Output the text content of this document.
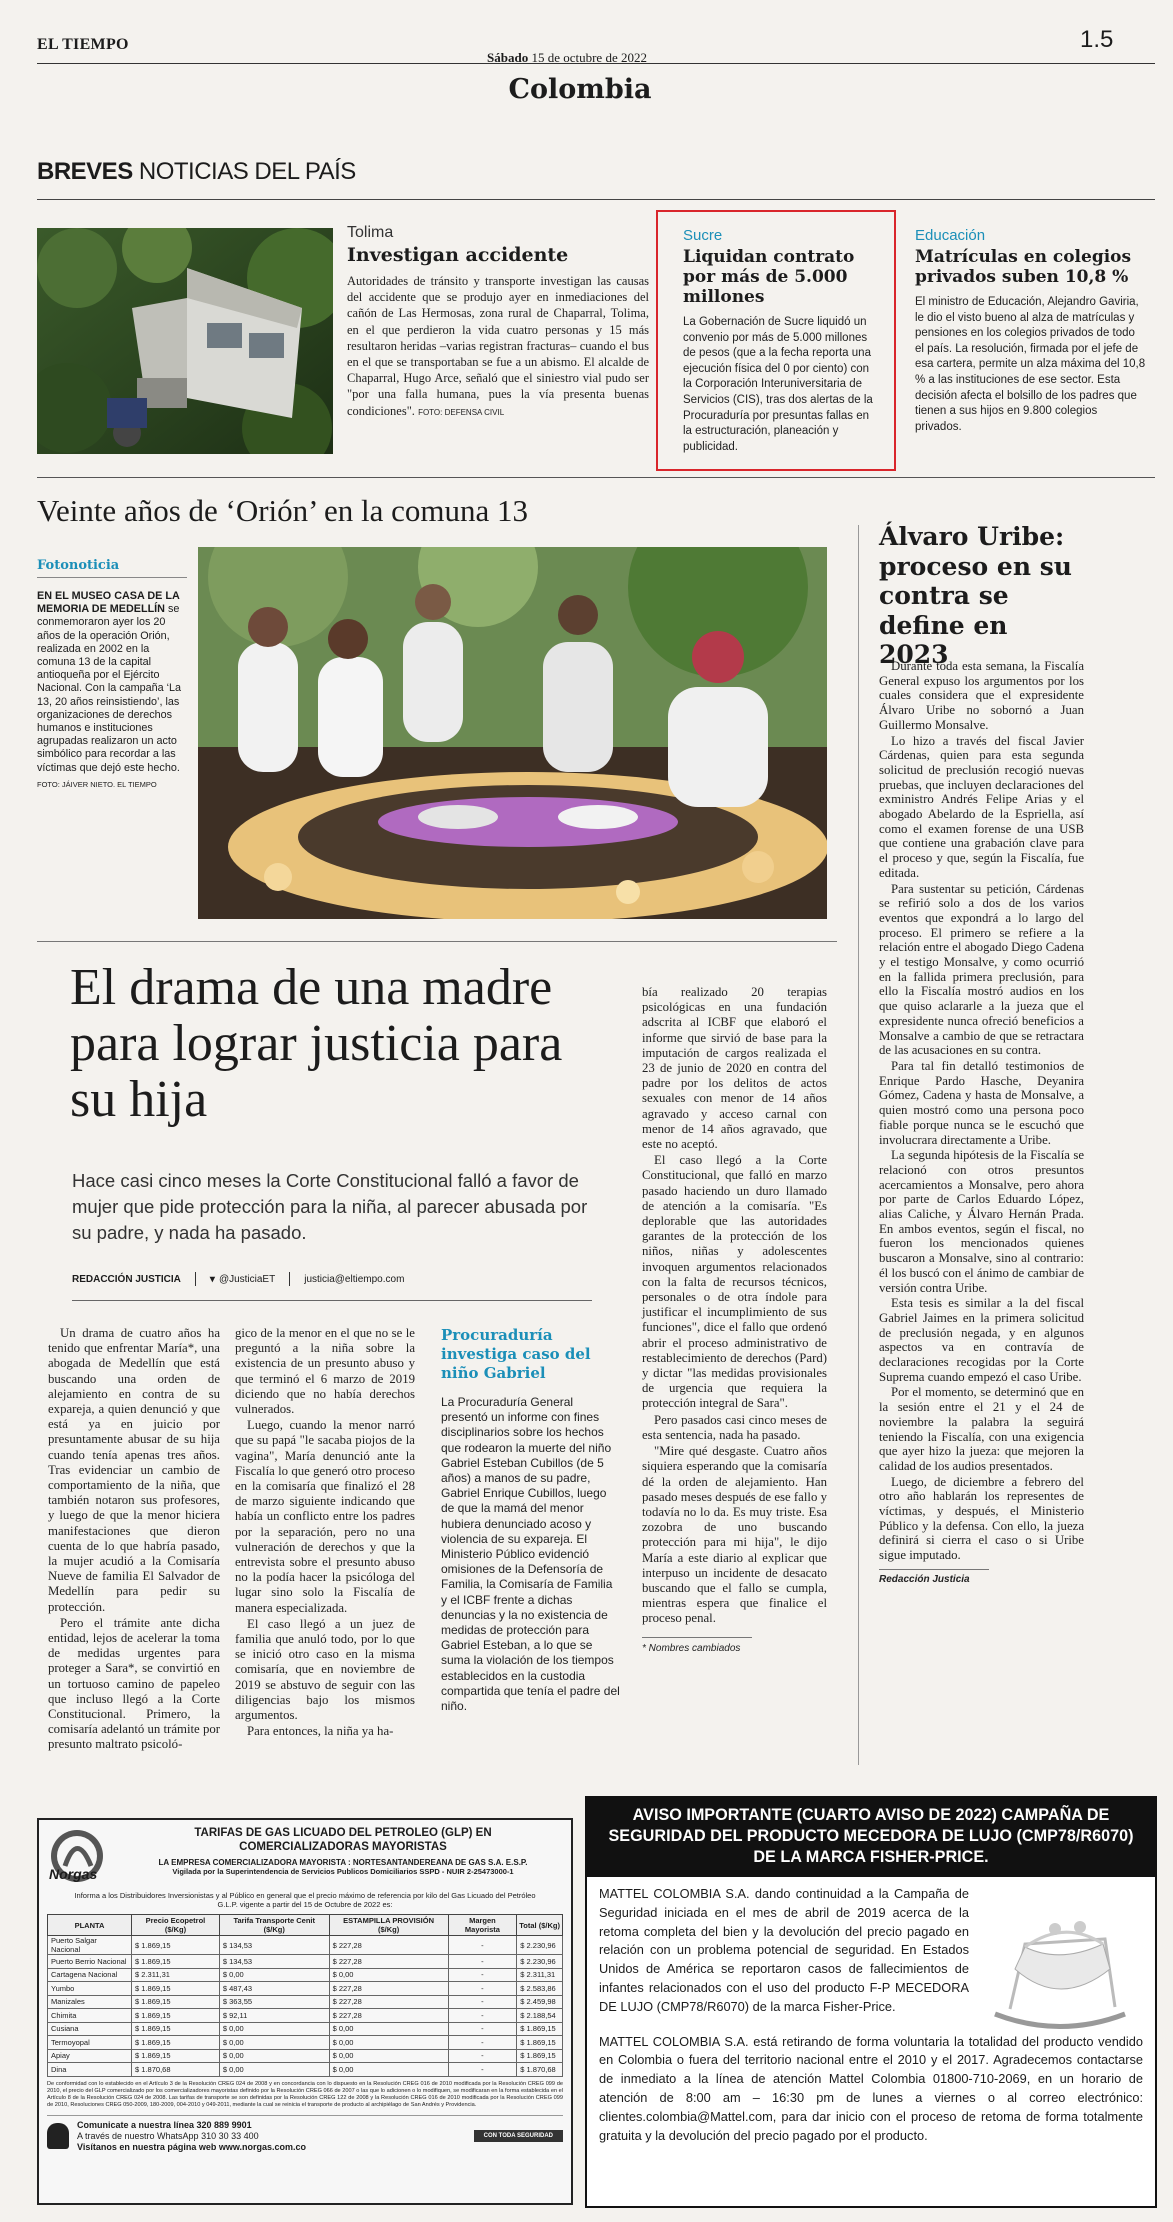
EL TIEMPO
Sábado 15 de octubre de 2022
Colombia
1.5
BREVES NOTICIAS DEL PAÍS
Tolima
Investigan accidente
Autoridades de tránsito y transporte investigan las causas del accidente que se produjo ayer en inmediaciones del cañón de Las Hermosas, zona rural de Chaparral, Tolima, en el que perdieron la vida cuatro personas y 15 más resultaron heridas –varias registran fracturas– cuando el bus en el que se transportaban se fue a un abismo. El alcalde de Chaparral, Hugo Arce, señaló que el siniestro vial pudo ser "por una falla humana, pues la vía presenta buenas condiciones". FOTO: DEFENSA CIVIL
Sucre
Liquidan contrato por más de 5.000 millones
La Gobernación de Sucre liquidó un convenio por más de 5.000 millones de pesos (que a la fecha reporta una ejecución física del 0 por ciento) con la Corporación Interuniversitaria de Servicios (CIS), tras dos alertas de la Procuraduría por presuntas fallas en la estructuración, planeación y publicidad.
Educación
Matrículas en colegios privados suben 10,8 %
El ministro de Educación, Alejandro Gaviria, le dio el visto bueno al alza de matrículas y pensiones en los colegios privados de todo el país. La resolución, firmada por el jefe de esa cartera, permite un alza máxima del 10,8 % a las instituciones de ese sector. Esta decisión afecta el bolsillo de los padres que tienen a sus hijos en 9.800 colegios privados.
Veinte años de ‘Orión’ en la comuna 13
Fotonoticia
EN EL MUSEO CASA DE LA MEMORIA DE MEDELLÍN se conmemoraron ayer los 20 años de la operación Orión, realizada en 2002 en la comuna 13 de la capital antioqueña por el Ejército Nacional. Con la campaña ‘La 13, 20 años reinsistiendo’, las organizaciones de derechos humanos e instituciones agrupadas realizaron un acto simbólico para recordar a las víctimas que dejó este hecho.
FOTO: JÁIVER NIETO. EL TIEMPO
Álvaro Uribe: proceso en su contra se define en 2023

Durante toda esta semana, la Fiscalía General expuso los argumentos por los cuales considera que el expresidente Álvaro Uribe no sobornó a Juan Guillermo Monsalve.

Lo hizo a través del fiscal Javier Cárdenas, quien para esta segunda solicitud de preclusión recogió nuevas pruebas, que incluyen declaraciones del exministro Andrés Felipe Arias y el abogado Abelardo de la Espriella, así como el examen forense de una USB que contiene una grabación clave para el proceso y que, según la Fiscalía, fue editada.

Para sustentar su petición, Cárdenas se refirió solo a dos de los varios eventos que expondrá a lo largo del proceso. El primero se refiere a la relación entre el abogado Diego Cadena y el testigo Monsalve, y como ocurrió en la fallida primera preclusión, para ello la Fiscalía mostró audios en los que quiso aclararle a la jueza que el expresidente nunca ofreció beneficios a Monsalve a cambio de que se retractara de las acusaciones en su contra.

Para tal fin detalló testimonios de Enrique Pardo Hasche, Deyanira Gómez, Cadena y hasta de Monsalve, a quien mostró como una persona poco fiable porque nunca se le escuchó que involucrara directamente a Uribe.

La segunda hipótesis de la Fiscalía se relacionó con otros presuntos acercamientos a Monsalve, pero ahora por parte de Carlos Eduardo López, alias Caliche, y Álvaro Hernán Prada. En ambos eventos, según el fiscal, no fueron los mencionados quienes buscaron a Monsalve, sino al contrario: él los buscó con el ánimo de cambiar de versión contra Uribe.

Esta tesis es similar a la del fiscal Gabriel Jaimes en la primera solicitud de preclusión negada, y en algunos aspectos va en contravía de declaraciones recogidas por la Corte Suprema cuando empezó el caso Uribe.

Por el momento, se determinó que en la sesión entre el 21 y el 24 de noviembre la palabra la seguirá teniendo la Fiscalía, con una exigencia que ayer hizo la jueza: que mejoren la calidad de los audios presentados.

Luego, de diciembre a febrero del otro año hablarán los representes de víctimas, y después, el Ministerio Público y la defensa. Con ello, la jueza definirá si cierra el caso o si Uribe sigue imputado.

Redacción Justicia
El drama de una madre para lograr justicia para su hija
Hace casi cinco meses la Corte Constitucional falló a favor de mujer que pide protección para la niña, al parecer abusada por su padre, y nada ha pasado.
REDACCIÓN JUSTICIA	▾ @JusticiaET	justicia@eltiempo.com

Un drama de cuatro años ha tenido que enfrentar María*, una abogada de Medellín que está buscando una orden de alejamiento en contra de su expareja, a quien denunció y que está ya en juicio por presuntamente abusar de su hija cuando tenía apenas tres años. Tras evidenciar un cambio de comportamiento de la niña, que también notaron sus profesores, y luego de que la menor hiciera manifestaciones que dieron cuenta de lo que habría pasado, la mujer acudió a la Comisaría Nueve de familia El Salvador de Medellín para pedir su protección.

Pero el trámite ante dicha entidad, lejos de acelerar la toma de medidas urgentes para proteger a Sara*, se convirtió en un tortuoso camino de papeleo que incluso llegó a la Corte Constitucional. Primero, la comisaría adelantó un trámite por presunto maltrato psicoló-

gico de la menor en el que no se le preguntó a la niña sobre la existencia de un presunto abuso y que terminó el 6 marzo de 2019 diciendo que no había derechos vulnerados.

Luego, cuando la menor narró que su papá "le sacaba piojos de la vagina", María denunció ante la Fiscalía lo que generó otro proceso en la comisaría que finalizó el 28 de marzo siguiente indicando que había un conflicto entre los padres por la separación, pero no una vulneración de derechos y que la entrevista sobre el presunto abuso no la podía hacer la psicóloga del lugar sino solo la Fiscalía de manera especializada.

El caso llegó a un juez de familia que anuló todo, por lo que se inició otro caso en la misma comisaría, que en noviembre de 2019 se abstuvo de seguir con las diligencias bajo los mismos argumentos.

Para entonces, la niña ya ha-

Procuraduría investiga caso del niño Gabriel
La Procuraduría General presentó un informe con fines disciplinarios sobre los hechos que rodearon la muerte del niño Gabriel Esteban Cubillos (de 5 años) a manos de su padre, Gabriel Enrique Cubillos, luego de que la mamá del menor hubiera denunciado acoso y violencia de su expareja. El Ministerio Público evidenció omisiones de la Defensoría de Familia, la Comisaría de Familia y el ICBF frente a dichas denuncias y la no existencia de medidas de protección para Gabriel Esteban, a lo que se suma la violación de los tiempos establecidos en la custodia compartida que tenía el padre del niño.

bía realizado 20 terapias psicológicas en una fundación adscrita al ICBF que elaboró el informe que sirvió de base para la imputación de cargos realizada el 23 de junio de 2020 en contra del padre por los delitos de actos sexuales con menor de 14 años agravado y acceso carnal con menor de 14 años agravado, que este no aceptó.

El caso llegó a la Corte Constitucional, que falló en marzo pasado haciendo un duro llamado de atención a la comisaría. "Es deplorable que las autoridades garantes de la protección de los niños, niñas y adolescentes invoquen argumentos relacionados con la falta de recursos técnicos, personales o de otra índole para justificar el incumplimiento de sus funciones", dice el fallo que ordenó abrir el proceso administrativo de restablecimiento de derechos (Pard) y dictar "las medidas provisionales de urgencia que requiera la protección integral de Sara".

Pero pasados casi cinco meses de esta sentencia, nada ha pasado.

"Mire qué desgaste. Cuatro años siquiera esperando que la comisaría dé la orden de alejamiento. Han pasado meses después de ese fallo y todavía no lo da. Es muy triste. Esa zozobra de uno buscando protección para mi hija", le dijo María a este diario al explicar que interpuso un incidente de desacato buscando que el fallo se cumpla, mientras espera que finalice el proceso penal.

* Nombres cambiados
Norgas
TARIFAS DE GAS LICUADO DEL PETROLEO (GLP) EN COMERCIALIZADORAS MAYORISTAS
LA EMPRESA COMERCIALIZADORA MAYORISTA : NORTESANTANDEREANA DE GAS S.A. E.S.P.
Vigilada por la Superintendencia de Servicios Publicos Domiciliarios SSPD - NUIR 2-25473000-1
Informa a los Distribuidores Inversionistas y al Público en general que el precio máximo de referencia por kilo del Gas Licuado del Petróleo G.L.P. vigente a partir del 15 de Octubre de 2022 es:
PLANTA	Precio Ecopetrol ($/Kg)	Tarifa Transporte Cenit ($/Kg)	ESTAMPILLA PROVISIÓN ($/Kg)	Margen Mayorista	Total ($/Kg)
Puerto Salgar Nacional	$ 1.869,15	$ 134,53	$ 227,28	-	$ 2.230,96
Puerto Berrio Nacional	$ 1.869,15	$ 134,53	$ 227,28	-	$ 2.230,96
Cartagena Nacional	$ 2.311,31	$ 0,00	$ 0,00	-	$ 2.311,31
Yumbo	$ 1.869,15	$ 487,43	$ 227,28	-	$ 2.583,86
Manizales	$ 1.869,15	$ 363,55	$ 227,28	-	$ 2.459,98
Chimita	$ 1.869,15	$ 92,11	$ 227,28	-	$ 2.188,54
Cusiana	$ 1.869,15	$ 0,00	$ 0,00	-	$ 1.869,15
Termoyopal	$ 1.869,15	$ 0,00	$ 0,00	-	$ 1.869,15
Apiay	$ 1.869,15	$ 0,00	$ 0,00	-	$ 1.869,15
Dina	$ 1.870,68	$ 0,00	$ 0,00	-	$ 1.870,68
De conformidad con lo establecido en el Artículo 3 de la Resolución CREG 024 de 2008 y en concordancia con lo dispuesto en la Resolución CREG 016 de 2010 modificada por la Resolución CREG 099 de 2010, el precio del GLP comercializado por los comercializadores mayoristas definido por la Resolución CREG 066 de 2007 o las que lo adicionen o lo modifiquen, se modificaran en la forma establecida en el Artículo 8 de la Resolución CREG 024 de 2008. Las tarifas de transporte se son definidas por la Resolución CREG 122 de 2008 y la Resolución CREG 016 de 2010 modificada por la Resolución CREG 099 de 2010, Resoluciones CREG 050-2009, 180-2009, 004-2010 y 049-2011, mediante la cual se reinicia el transporte de producto al archipiélago de San Andrés y Providencia.
Comunicate a nuestra línea 320 889 9901
A través de nuestro WhatsApp 310 30 33 400
Visítanos en nuestra página web www.norgas.com.co
CON TODA SEGURIDAD
AVISO IMPORTANTE (CUARTO AVISO DE 2022) CAMPAÑA DE SEGURIDAD DEL PRODUCTO MECEDORA DE LUJO (CMP78/R6070) DE LA MARCA FISHER-PRICE.
MATTEL COLOMBIA S.A. dando continuidad a la Campaña de Seguridad iniciada en el mes de abril de 2019 acerca de la retoma completa del bien y la devolución del precio pagado en relación con un problema potencial de seguridad. En Estados Unidos de América se reportaron casos de fallecimientos de infantes relacionados con el uso del producto F-P MECEDORA DE LUJO (CMP78/R6070) de la marca Fisher-Price.
MATTEL COLOMBIA S.A. está retirando de forma voluntaria la totalidad del producto vendido en Colombia o fuera del territorio nacional entre el 2010 y el 2017. Agradecemos contactarse de inmediato a la línea de atención Mattel Colombia 01800-710-2069, en un horario de atención de 8:00 am – 16:30 pm de lunes a viernes o al correo electrónico: clientes.colombia@Mattel.com, para dar inicio con el proceso de retoma de forma totalmente gratuita y la devolución del precio pagado por el producto.
